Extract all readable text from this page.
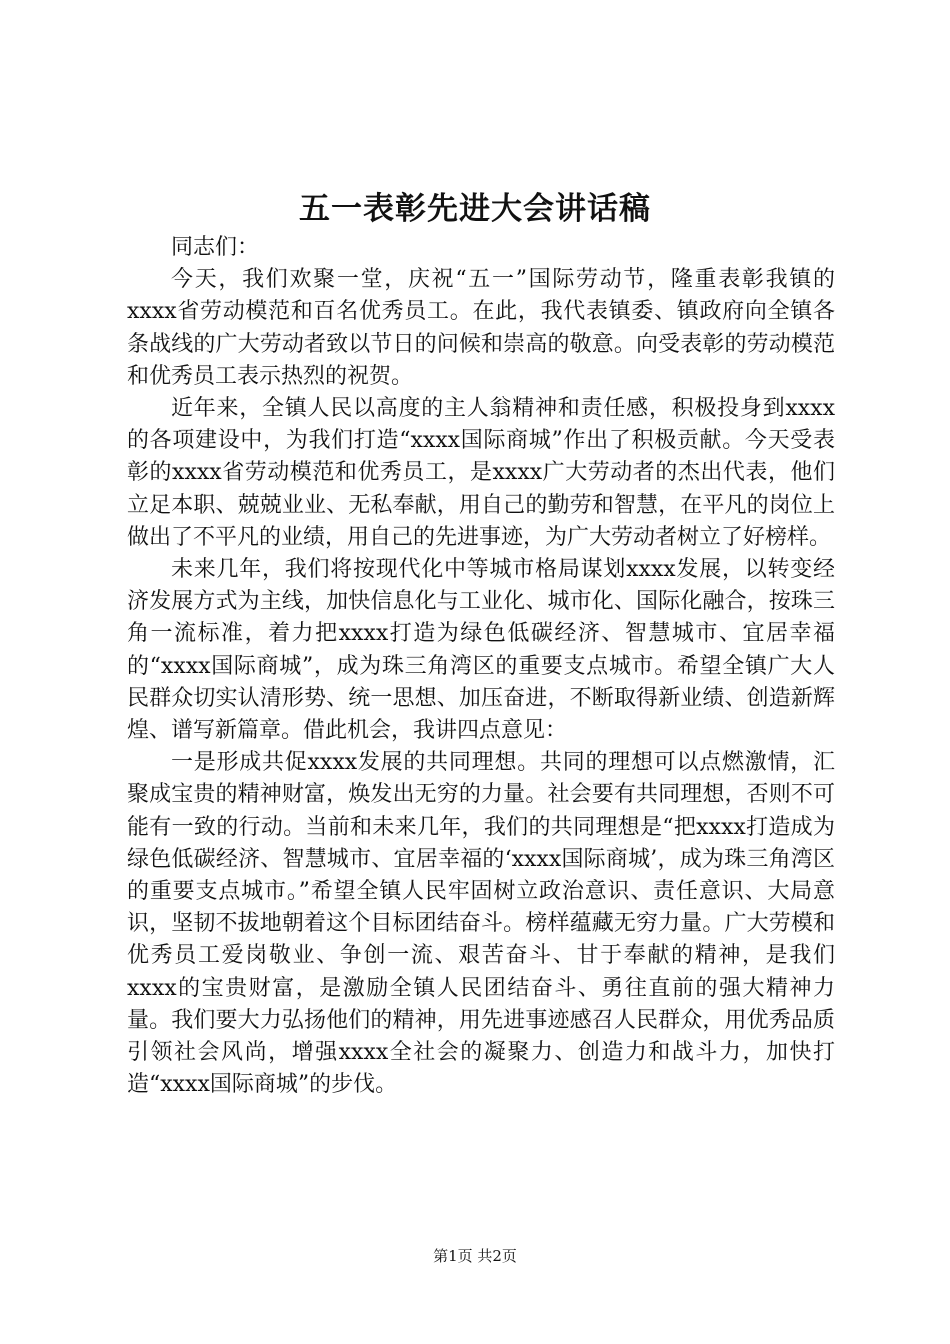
五一表彰先进大会讲话稿

同志们：

今天，我们欢聚一堂，庆祝“五一”国际劳动节，隆重表彰我镇的xxxx省劳动模范和百名优秀员工。在此，我代表镇委、镇政府向全镇各条战线的广大劳动者致以节日的问候和崇高的敬意。向受表彰的劳动模范和优秀员工表示热烈的祝贺。

近年来，全镇人民以高度的主人翁精神和责任感，积极投身到xxxx的各项建设中，为我们打造“xxxx国际商城”作出了积极贡献。今天受表彰的xxxx省劳动模范和优秀员工，是xxxx广大劳动者的杰出代表，他们立足本职、兢兢业业、无私奉献，用自己的勤劳和智慧，在平凡的岗位上做出了不平凡的业绩，用自己的先进事迹，为广大劳动者树立了好榜样。

未来几年，我们将按现代化中等城市格局谋划xxxx发展，以转变经济发展方式为主线，加快信息化与工业化、城市化、国际化融合，按珠三角一流标准，着力把xxxx打造为绿色低碳经济、智慧城市、宜居幸福的“xxxx国际商城”，成为珠三角湾区的重要支点城市。希望全镇广大人民群众切实认清形势、统一思想、加压奋进，不断取得新业绩、创造新辉煌、谱写新篇章。借此机会，我讲四点意见：

一是形成共促xxxx发展的共同理想。共同的理想可以点燃激情，汇聚成宝贵的精神财富，焕发出无穷的力量。社会要有共同理想，否则不可能有一致的行动。当前和未来几年，我们的共同理想是“把xxxx打造成为绿色低碳经济、智慧城市、宜居幸福的‘xxxx国际商城’，成为珠三角湾区的重要支点城市。”希望全镇人民牢固树立政治意识、责任意识、大局意识，坚韧不拔地朝着这个目标团结奋斗。榜样蕴藏无穷力量。广大劳模和优秀员工爱岗敬业、争创一流、艰苦奋斗、甘于奉献的精神，是我们xxxx的宝贵财富，是激励全镇人民团结奋斗、勇往直前的强大精神力量。我们要大力弘扬他们的精神，用先进事迹感召人民群众，用优秀品质引领社会风尚，增强xxxx全社会的凝聚力、创造力和战斗力，加快打造“xxxx国际商城”的步伐。

第1页 共2页
